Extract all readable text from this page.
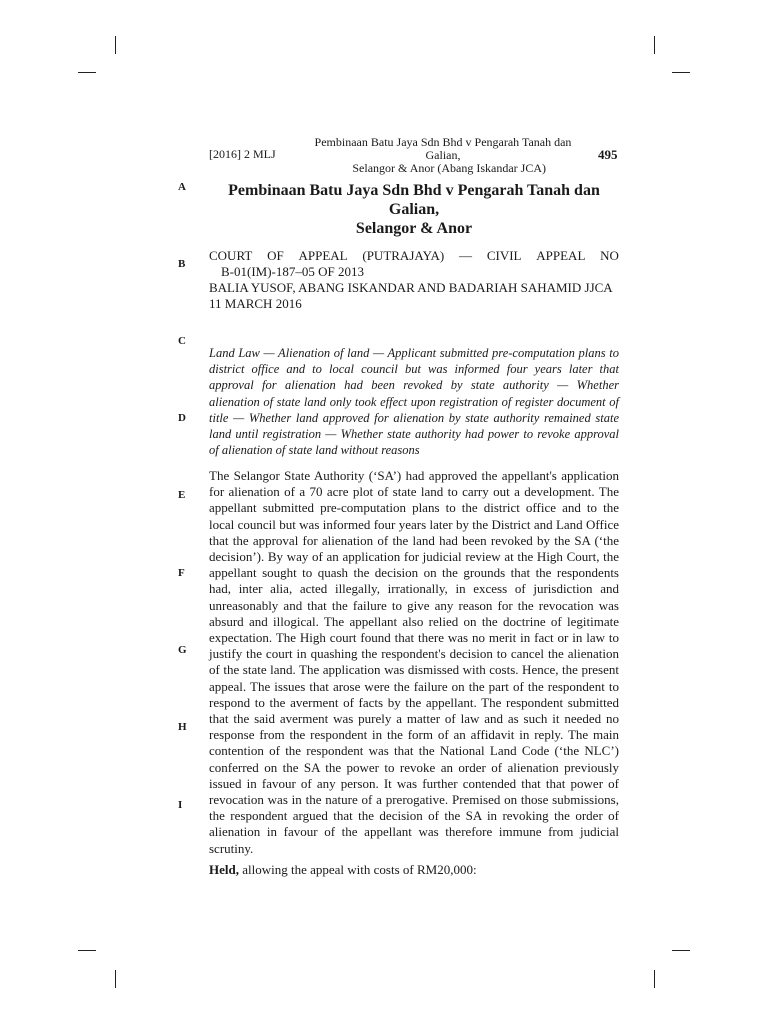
[2016] 2 MLJ
Pembinaan Batu Jaya Sdn Bhd v Pengarah Tanah dan Galian,
Selangor & Anor (Abang Iskandar JCA)
495
A
B
C
D
E
F
G
H
I
Pembinaan Batu Jaya Sdn Bhd v Pengarah Tanah dan Galian,
Selangor & Anor
COURT OF APPEAL (PUTRAJAYA) — CIVIL APPEAL NO
B-01(IM)-187–05 OF 2013
BALIA YUSOF, ABANG ISKANDAR AND BADARIAH SAHAMID JJCA
11 MARCH 2016
Land Law — Alienation of land — Applicant submitted pre-computation plans to district office and to local council but was informed four years later that approval for alienation had been revoked by state authority — Whether alienation of state land only took effect upon registration of register document of title — Whether land approved for alienation by state authority remained state land until registration — Whether state authority had power to revoke approval of alienation of state land without reasons
The Selangor State Authority (‘SA’) had approved the appellant's application for alienation of a 70 acre plot of state land to carry out a development. The appellant submitted pre-computation plans to the district office and to the local council but was informed four years later by the District and Land Office that the approval for alienation of the land had been revoked by the SA (‘the decision’). By way of an application for judicial review at the High Court, the appellant sought to quash the decision on the grounds that the respondents had, inter alia, acted illegally, irrationally, in excess of jurisdiction and unreasonably and that the failure to give any reason for the revocation was absurd and illogical. The appellant also relied on the doctrine of legitimate expectation. The High court found that there was no merit in fact or in law to justify the court in quashing the respondent's decision to cancel the alienation of the state land. The application was dismissed with costs. Hence, the present appeal. The issues that arose were the failure on the part of the respondent to respond to the averment of facts by the appellant. The respondent submitted that the said averment was purely a matter of law and as such it needed no response from the respondent in the form of an affidavit in reply. The main contention of the respondent was that the National Land Code (‘the NLC’) conferred on the SA the power to revoke an order of alienation previously issued in favour of any person. It was further contended that that power of revocation was in the nature of a prerogative. Premised on those submissions, the respondent argued that the decision of the SA in revoking the order of alienation in favour of the appellant was therefore immune from judicial scrutiny.
Held, allowing the appeal with costs of RM20,000:
